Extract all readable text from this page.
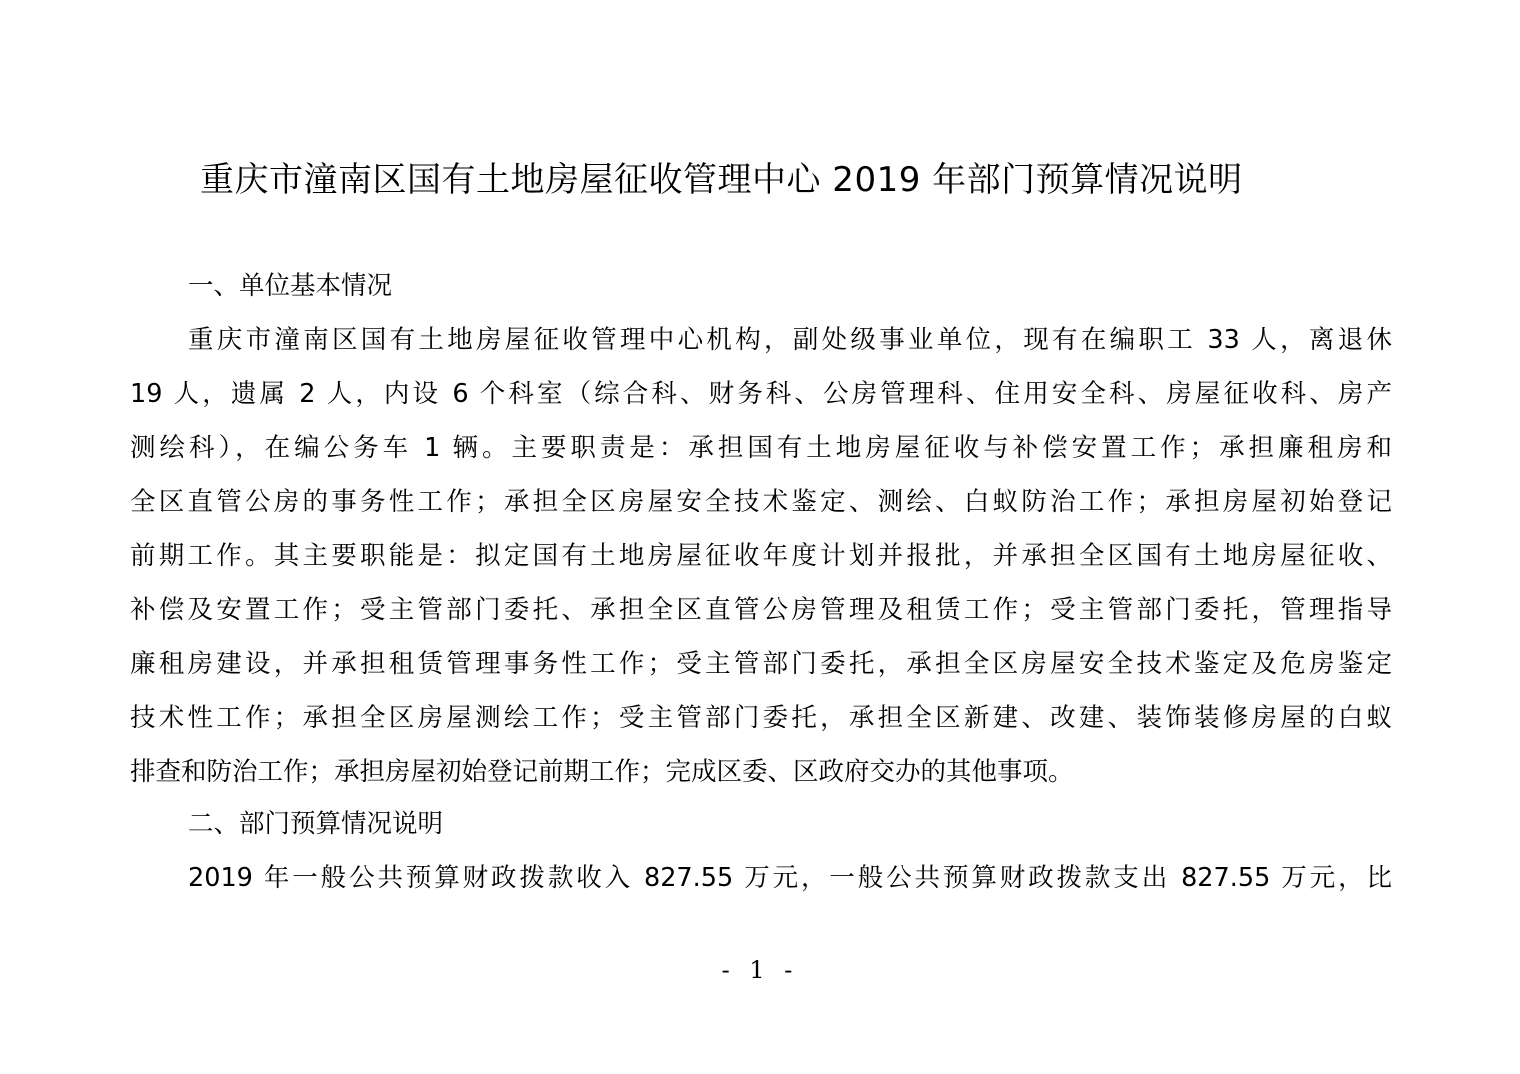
重庆市潼南区国有土地房屋征收管理中心 2019 年部门预算情况说明

一、单位基本情况

重庆市潼南区国有土地房屋征收管理中心机构，副处级事业单位，现有在编职工 33 人，离退休

19 人，遗属 2 人，内设 6 个科室（综合科、财务科、公房管理科、住用安全科、房屋征收科、房产

测绘科），在编公务车 1 辆。主要职责是：承担国有土地房屋征收与补偿安置工作；承担廉租房和

全区直管公房的事务性工作；承担全区房屋安全技术鉴定、测绘、白蚁防治工作；承担房屋初始登记

前期工作。其主要职能是：拟定国有土地房屋征收年度计划并报批，并承担全区国有土地房屋征收、

补偿及安置工作；受主管部门委托、承担全区直管公房管理及租赁工作；受主管部门委托，管理指导

廉租房建设，并承担租赁管理事务性工作；受主管部门委托，承担全区房屋安全技术鉴定及危房鉴定

技术性工作；承担全区房屋测绘工作；受主管部门委托，承担全区新建、改建、装饰装修房屋的白蚁

排查和防治工作；承担房屋初始登记前期工作；完成区委、区政府交办的其他事项。

二、部门预算情况说明

2019 年一般公共预算财政拨款收入 827.55 万元，一般公共预算财政拨款支出 827.55 万元，比

- 1 -
